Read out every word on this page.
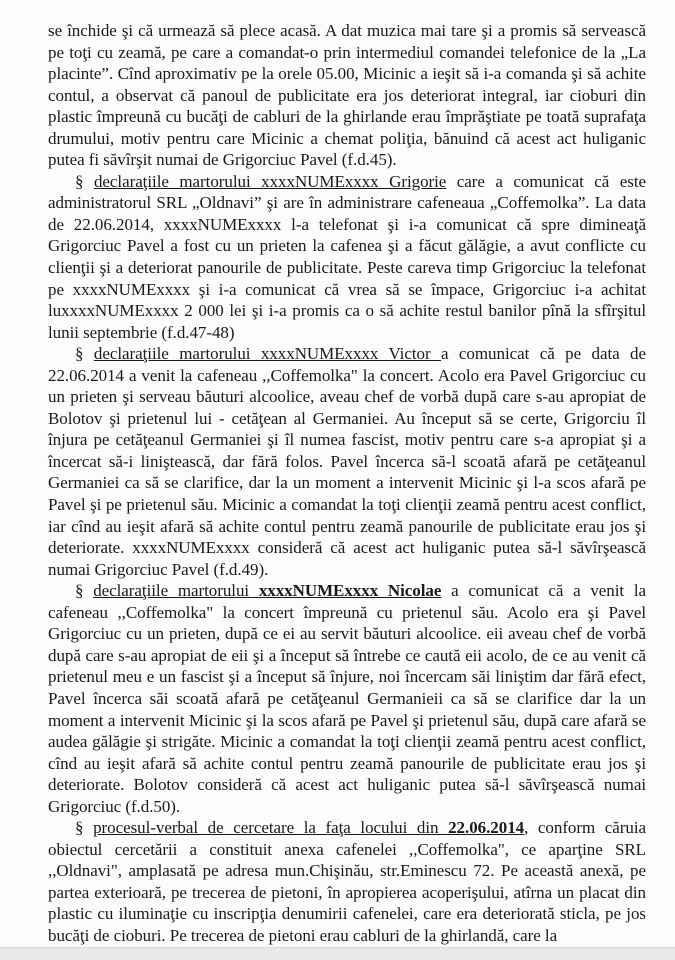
se închide şi că urmează să plece acasă. A dat muzica mai tare şi a promis să servească pe toţi cu zeamă, pe care a comandat-o prin intermediul comandei telefonice de la „La placinte”. Cînd aproximativ pe la orele 05.00, Micinic a ieşit să i-a comanda şi să achite contul, a observat că panoul de publicitate era jos deteriorat integral, iar cioburi din plastic împreună cu bucăţi de cabluri de la ghirlande erau împrăştiate pe toată suprafaţa drumului, motiv pentru care Micinic a chemat poliţia, bănuind că acest act huliganic putea fi săvîrşit numai de Grigorciuc Pavel (f.d.45).

§ declaraţiile martorului xxxxNUMExxxx Grigorie care a comunicat că este administratorul SRL „Oldnavi” şi are în administrare cafeneaua „Coffemolka”. La data de 22.06.2014, xxxxNUMExxxx l-a telefonat şi i-a comunicat că spre dimineaţă Grigorciuc Pavel a fost cu un prieten la cafenea şi a făcut gălăgie, a avut conflicte cu clienţii şi a deteriorat panourile de publicitate. Peste careva timp Grigorciuc la telefonat pe xxxxNUMExxxx şi i-a comunicat că vrea să se împace, Grigorciuc i-a achitat luxxxxNUMExxxx 2 000 lei şi i-a promis ca o să achite restul banilor pînă la sfîrşitul lunii septembrie (f.d.47-48)

§ declaraţiile martorului xxxxNUMExxxx Victor a comunicat că pe data de 22.06.2014 a venit la cafeneau ,,Coffemolka" la concert. Acolo era Pavel Grigorciuc cu un prieten şi serveau băuturi alcoolice, aveau chef de vorbă după care s-au apropiat de Bolotov şi prietenul lui - cetăţean al Germaniei. Au început să se certe, Grigorciu îl înjura pe cetăţeanul Germaniei şi îl numea fascist, motiv pentru care s-a apropiat şi a încercat să-i liniştească, dar fără folos. Pavel încerca să-l scoată afară pe cetăţeanul Germaniei ca să se clarifice, dar la un moment a intervenit Micinic şi l-a scos afară pe Pavel şi pe prietenul său. Micinic a comandat la toţi clienţii zeamă pentru acest conflict, iar cînd au ieşit afară să achite contul pentru zeamă panourile de publicitate erau jos şi deteriorate. xxxxNUMExxxx consideră că acest act huliganic putea să-l săvîrşească numai Grigorciuc Pavel (f.d.49).

§ declaraţiile martorului xxxxNUMExxxx Nicolae a comunicat că a venit la cafeneau ,,Coffemolka" la concert împreună cu prietenul său. Acolo era şi Pavel Grigorciuc cu un prieten, după ce ei au servit băuturi alcoolice. eii aveau chef de vorbă după care s-au apropiat de eii şi a început să întrebe ce caută eii acolo, de ce au venit că prietenul meu e un fascist şi a început să înjure, noi încercam săi liniştim dar fără efect, Pavel încerca săi scoată afară pe cetăţeanul Germanieii ca să se clarifice dar la un moment a intervenit Micinic şi la scos afară pe Pavel şi prietenul său, după care afară se audea gălăgie şi strigăte. Micinic a comandat la toţi clienţii zeamă pentru acest conflict, cînd au ieşit afară să achite contul pentru zeamă panourile de publicitate erau jos şi deteriorate. Bolotov consideră că acest act huliganic putea să-l săvîrşească numai Grigorciuc (f.d.50).

§ procesul-verbal de cercetare la faţa locului din 22.06.2014, conform căruia obiectul cercetării a constituit anexa cafenelei ,,Coffemolka", ce aparţine SRL ,,Oldnavi", amplasată pe adresa mun.Chişinău, str.Eminescu 72. Pe această anexă, pe partea exterioară, pe trecerea de pietoni, în apropierea acoperişului, atîrna un placat din plastic cu iluminaţie cu inscripţia denumirii cafenelei, care era deteriorată sticla, pe jos bucăţi de cioburi. Pe trecerea de pietoni erau cabluri de la ghirlandă, care la
